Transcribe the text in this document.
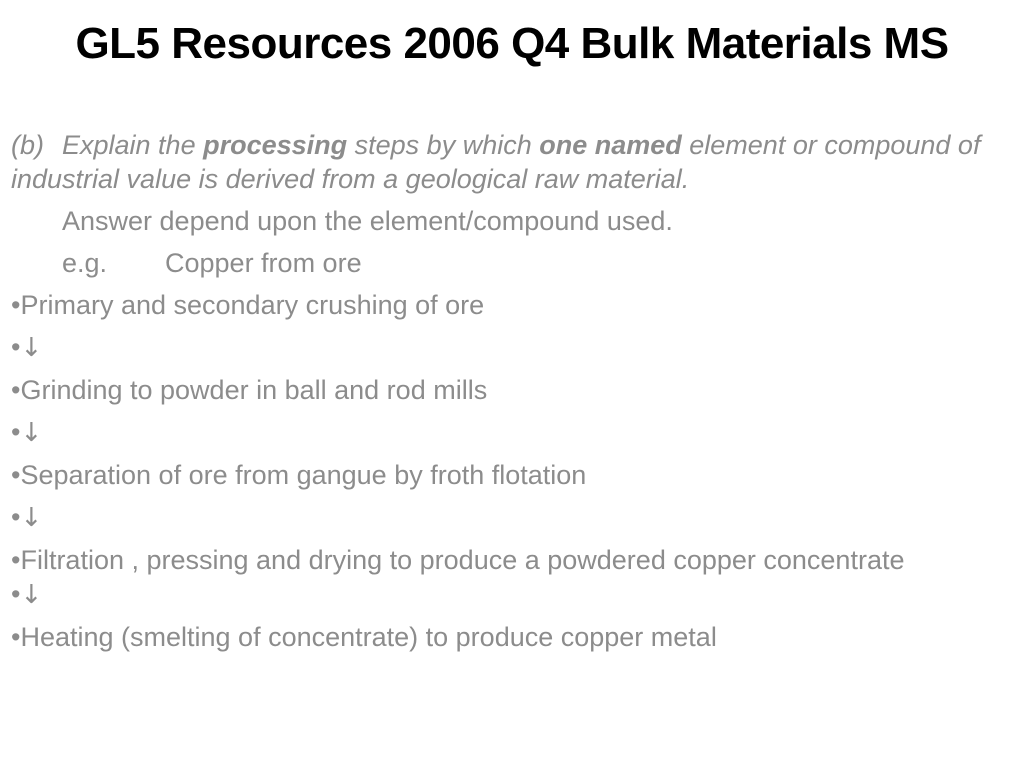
GL5 Resources 2006 Q4 Bulk Materials MS

(b) Explain the processing steps by which one named element or compound of industrial value is derived from a geological raw material.

Answer depend upon the element/compound used.
e.g. Copper from ore
•Primary and secondary crushing of ore
•↓
•Grinding to powder in ball and rod mills
•↓
•Separation of ore from gangue by froth flotation
•↓
•Filtration , pressing and drying to produce a powdered copper concentrate
•↓
•Heating (smelting of concentrate) to produce copper metal
